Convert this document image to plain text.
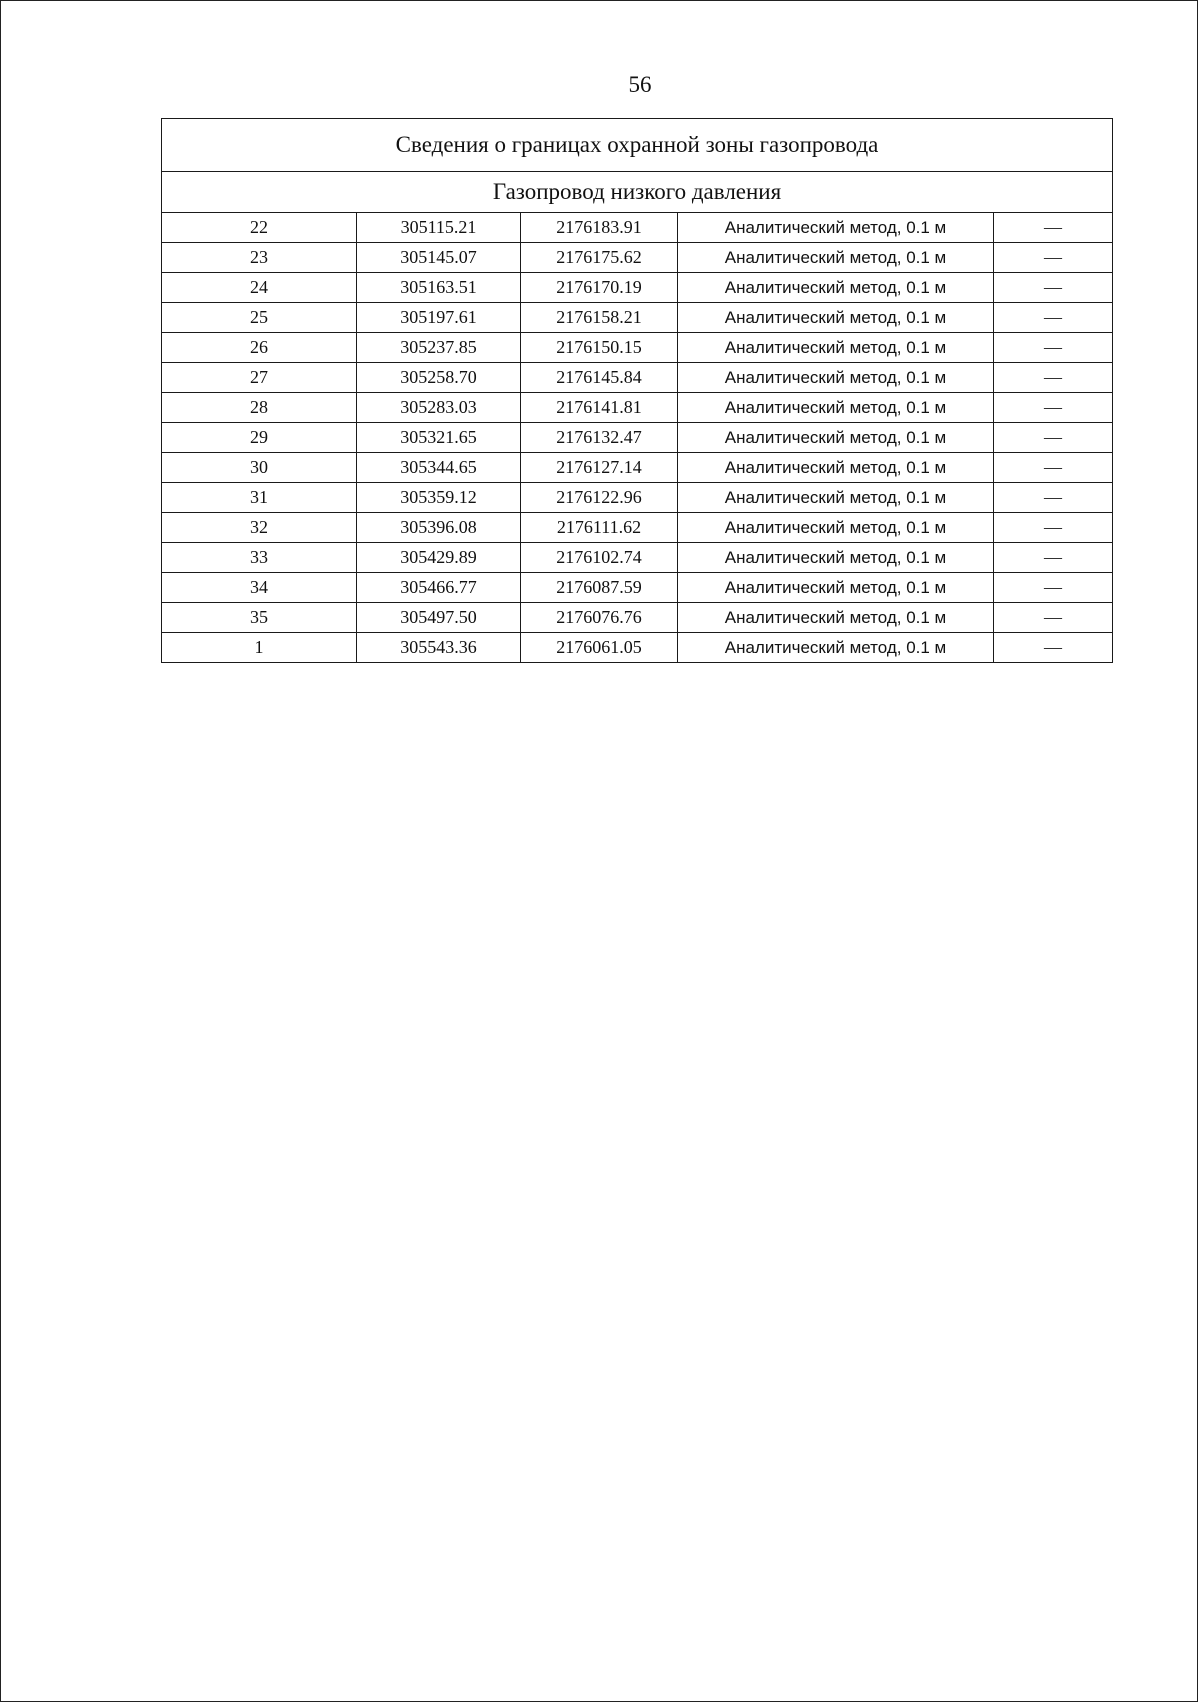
56
Сведения о границах охранной зоны газопровода				
Газопровод низкого давления				
22	305115.21	2176183.91	Аналитический метод, 0.1 м	—
23	305145.07	2176175.62	Аналитический метод, 0.1 м	—
24	305163.51	2176170.19	Аналитический метод, 0.1 м	—
25	305197.61	2176158.21	Аналитический метод, 0.1 м	—
26	305237.85	2176150.15	Аналитический метод, 0.1 м	—
27	305258.70	2176145.84	Аналитический метод, 0.1 м	—
28	305283.03	2176141.81	Аналитический метод, 0.1 м	—
29	305321.65	2176132.47	Аналитический метод, 0.1 м	—
30	305344.65	2176127.14	Аналитический метод, 0.1 м	—
31	305359.12	2176122.96	Аналитический метод, 0.1 м	—
32	305396.08	2176111.62	Аналитический метод, 0.1 м	—
33	305429.89	2176102.74	Аналитический метод, 0.1 м	—
34	305466.77	2176087.59	Аналитический метод, 0.1 м	—
35	305497.50	2176076.76	Аналитический метод, 0.1 м	—
1	305543.36	2176061.05	Аналитический метод, 0.1 м	—
